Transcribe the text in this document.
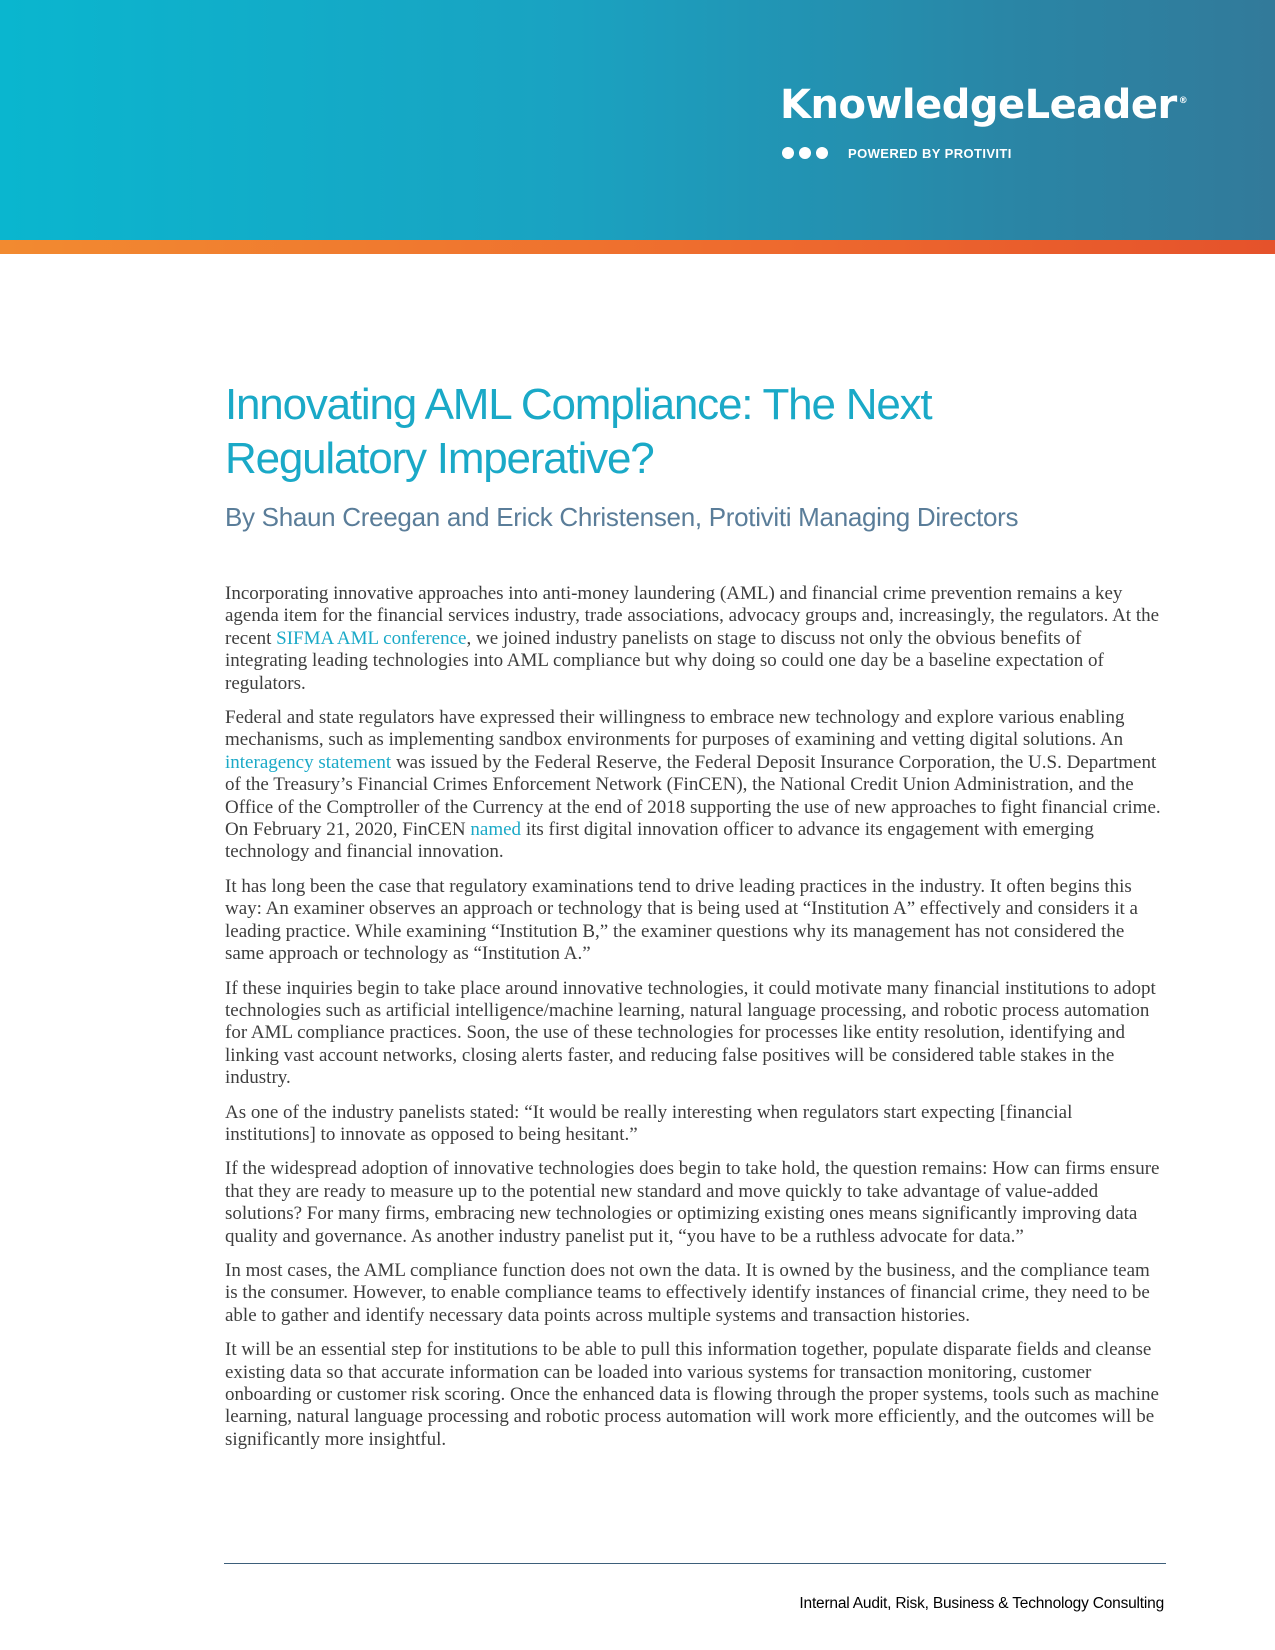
KnowledgeLeader ®
POWERED BY PROTIVITI
Innovating AML Compliance: The Next Regulatory Imperative?
By Shaun Creegan and Erick Christensen, Protiviti Managing Directors

Incorporating innovative approaches into anti-money laundering (AML) and financial crime prevention remains a key agenda item for the financial services industry, trade associations, advocacy groups and, increasingly, the regulators. At the recent SIFMA AML conference, we joined industry panelists on stage to discuss not only the obvious benefits of integrating leading technologies into AML compliance but why doing so could one day be a baseline expectation of regulators.

Federal and state regulators have expressed their willingness to embrace new technology and explore various enabling mechanisms, such as implementing sandbox environments for purposes of examining and vetting digital solutions. An interagency statement was issued by the Federal Reserve, the Federal Deposit Insurance Corporation, the U.S. Department of the Treasury’s Financial Crimes Enforcement Network (FinCEN), the National Credit Union Administration, and the Office of the Comptroller of the Currency at the end of 2018 supporting the use of new approaches to fight financial crime. On February 21, 2020, FinCEN named its first digital innovation officer to advance its engagement with emerging technology and financial innovation.

It has long been the case that regulatory examinations tend to drive leading practices in the industry. It often begins this way: An examiner observes an approach or technology that is being used at “Institution A” effectively and considers it a leading practice. While examining “Institution B,” the examiner questions why its management has not considered the same approach or technology as “Institution A.”

If these inquiries begin to take place around innovative technologies, it could motivate many financial institutions to adopt technologies such as artificial intelligence/machine learning, natural language processing, and robotic process automation for AML compliance practices. Soon, the use of these technologies for processes like entity resolution, identifying and linking vast account networks, closing alerts faster, and reducing false positives will be considered table stakes in the industry.

As one of the industry panelists stated: “It would be really interesting when regulators start expecting [financial institutions] to innovate as opposed to being hesitant.”

If the widespread adoption of innovative technologies does begin to take hold, the question remains: How can firms ensure that they are ready to measure up to the potential new standard and move quickly to take advantage of value-added solutions? For many firms, embracing new technologies or optimizing existing ones means significantly improving data quality and governance. As another industry panelist put it, “you have to be a ruthless advocate for data.”

In most cases, the AML compliance function does not own the data. It is owned by the business, and the compliance team is the consumer. However, to enable compliance teams to effectively identify instances of financial crime, they need to be able to gather and identify necessary data points across multiple systems and transaction histories.

It will be an essential step for institutions to be able to pull this information together, populate disparate fields and cleanse existing data so that accurate information can be loaded into various systems for transaction monitoring, customer onboarding or customer risk scoring. Once the enhanced data is flowing through the proper systems, tools such as machine learning, natural language processing and robotic process automation will work more efficiently, and the outcomes will be significantly more insightful.

Internal Audit, Risk, Business & Technology Consulting
